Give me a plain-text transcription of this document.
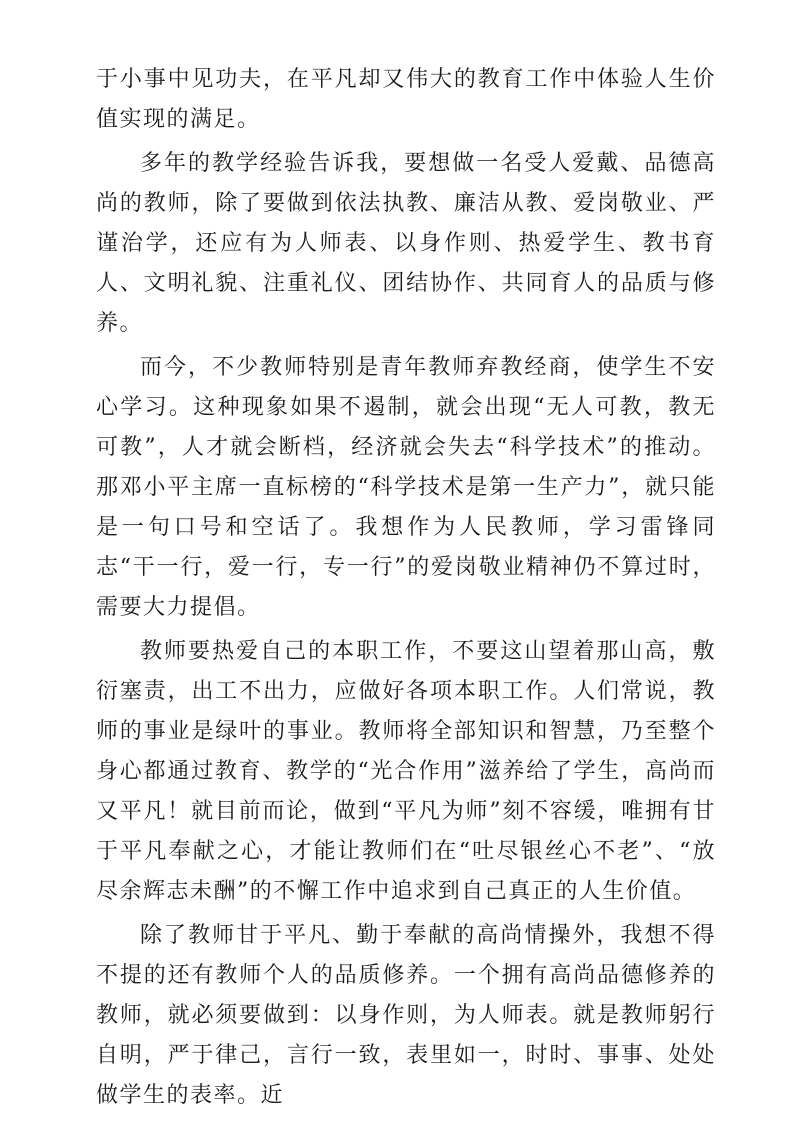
于小事中见功夫，在平凡却又伟大的教育工作中体验人生价值实现的满足。

多年的教学经验告诉我，要想做一名受人爱戴、品德高尚的教师，除了要做到依法执教、廉洁从教、爱岗敬业、严谨治学，还应有为人师表、以身作则、热爱学生、教书育人、文明礼貌、注重礼仪、团结协作、共同育人的品质与修养。

而今，不少教师特别是青年教师弃教经商，使学生不安心学习。这种现象如果不遏制，就会出现“无人可教，教无可教”，人才就会断档，经济就会失去“科学技术”的推动。那邓小平主席一直标榜的“科学技术是第一生产力”，就只能是一句口号和空话了。我想作为人民教师，学习雷锋同志“干一行，爱一行，专一行”的爱岗敬业精神仍不算过时，需要大力提倡。

教师要热爱自己的本职工作，不要这山望着那山高，敷衍塞责，出工不出力，应做好各项本职工作。人们常说，教师的事业是绿叶的事业。教师将全部知识和智慧，乃至整个身心都通过教育、教学的“光合作用”滋养给了学生，高尚而又平凡！就目前而论，做到“平凡为师”刻不容缓，唯拥有甘于平凡奉献之心，才能让教师们在“吐尽银丝心不老”、“放尽余辉志未酬”的不懈工作中追求到自己真正的人生价值。

除了教师甘于平凡、勤于奉献的高尚情操外，我想不得不提的还有教师个人的品质修养。一个拥有高尚品德修养的教师，就必须要做到：以身作则，为人师表。就是教师躬行自明，严于律己，言行一致，表里如一，时时、事事、处处做学生的表率。近
